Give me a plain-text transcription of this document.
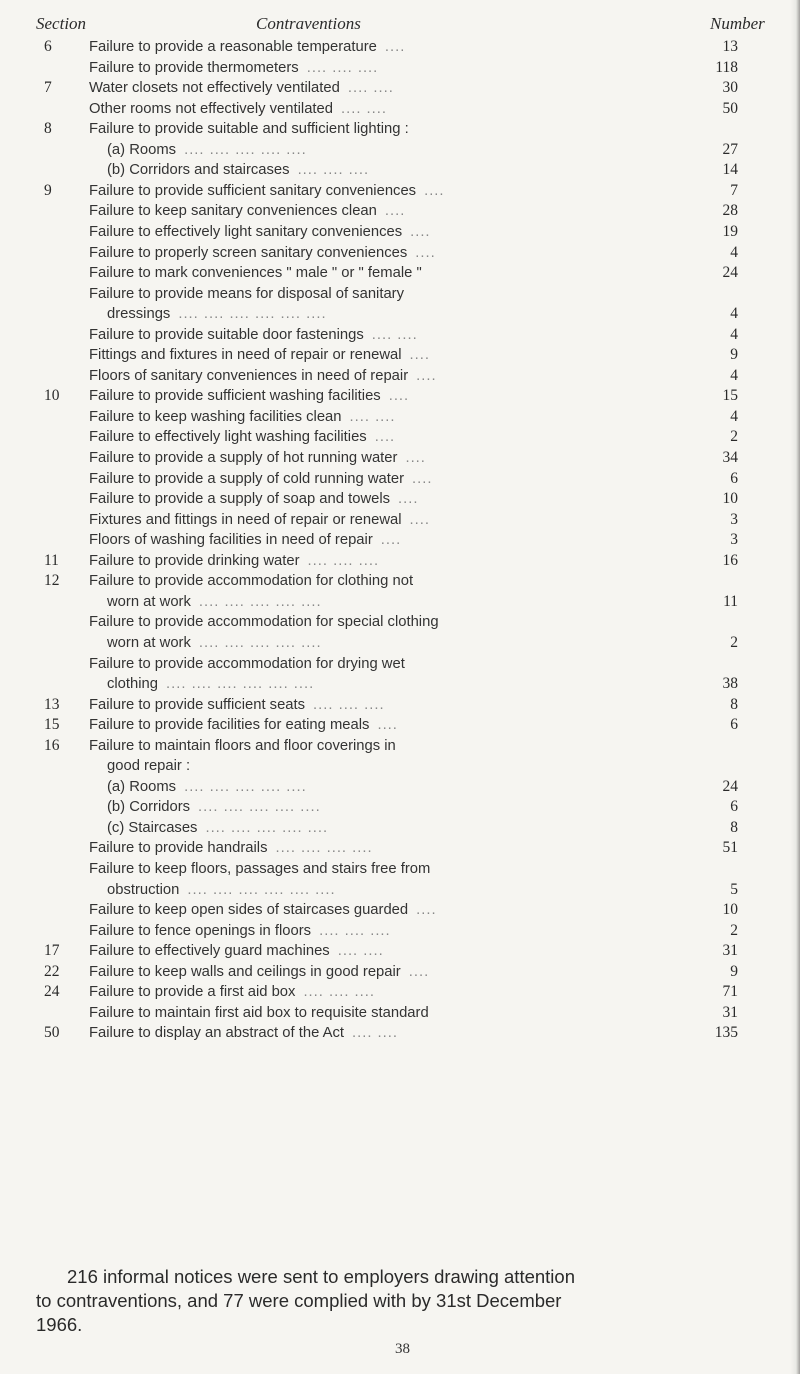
Section	Contraventions	Number
6	Failure to provide a reasonable temperature ....	13
Failure to provide thermometers .... .... ....	118
7	Water closets not effectively ventilated .... ....	30
Other rooms not effectively ventilated .... ....	50
8	Failure to provide suitable and sufficient lighting :
(a) Rooms .... .... .... .... ....	27
(b) Corridors and staircases .... .... ....	14
9	Failure to provide sufficient sanitary conveniences ....	7
Failure to keep sanitary conveniences clean ....	28
Failure to effectively light sanitary conveniences ....	19
Failure to properly screen sanitary conveniences ....	4
Failure to mark conveniences " male " or " female "	24
Failure to provide means for disposal of sanitary
dressings .... .... .... .... .... ....	4
Failure to provide suitable door fastenings .... ....	4
Fittings and fixtures in need of repair or renewal ....	9
Floors of sanitary conveniences in need of repair ....	4
10	Failure to provide sufficient washing facilities ....	15
Failure to keep washing facilities clean .... ....	4
Failure to effectively light washing facilities ....	2
Failure to provide a supply of hot running water ....	34
Failure to provide a supply of cold running water ....	6
Failure to provide a supply of soap and towels ....	10
Fixtures and fittings in need of repair or renewal ....	3
Floors of washing facilities in need of repair ....	3
11	Failure to provide drinking water .... .... ....	16
12	Failure to provide accommodation for clothing not
worn at work .... .... .... .... ....	11
Failure to provide accommodation for special clothing
worn at work .... .... .... .... ....	2
Failure to provide accommodation for drying wet
clothing .... .... .... .... .... ....	38
13	Failure to provide sufficient seats .... .... ....	8
15	Failure to provide facilities for eating meals ....	6
16	Failure to maintain floors and floor coverings in
good repair :
(a) Rooms .... .... .... .... ....	24
(b) Corridors .... .... .... .... ....	6
(c) Staircases .... .... .... .... ....	8
Failure to provide handrails .... .... .... ....	51
Failure to keep floors, passages and stairs free from
obstruction .... .... .... .... .... ....	5
Failure to keep open sides of staircases guarded ....	10
Failure to fence openings in floors .... .... ....	2
17	Failure to effectively guard machines .... ....	31
22	Failure to keep walls and ceilings in good repair ....	9
24	Failure to provide a first aid box .... .... ....	71
Failure to maintain first aid box to requisite standard	31
50	Failure to display an abstract of the Act .... ....	135
216 informal notices were sent to employers drawing attention
to contraventions, and 77 were complied with by 31st December
1966.
38
